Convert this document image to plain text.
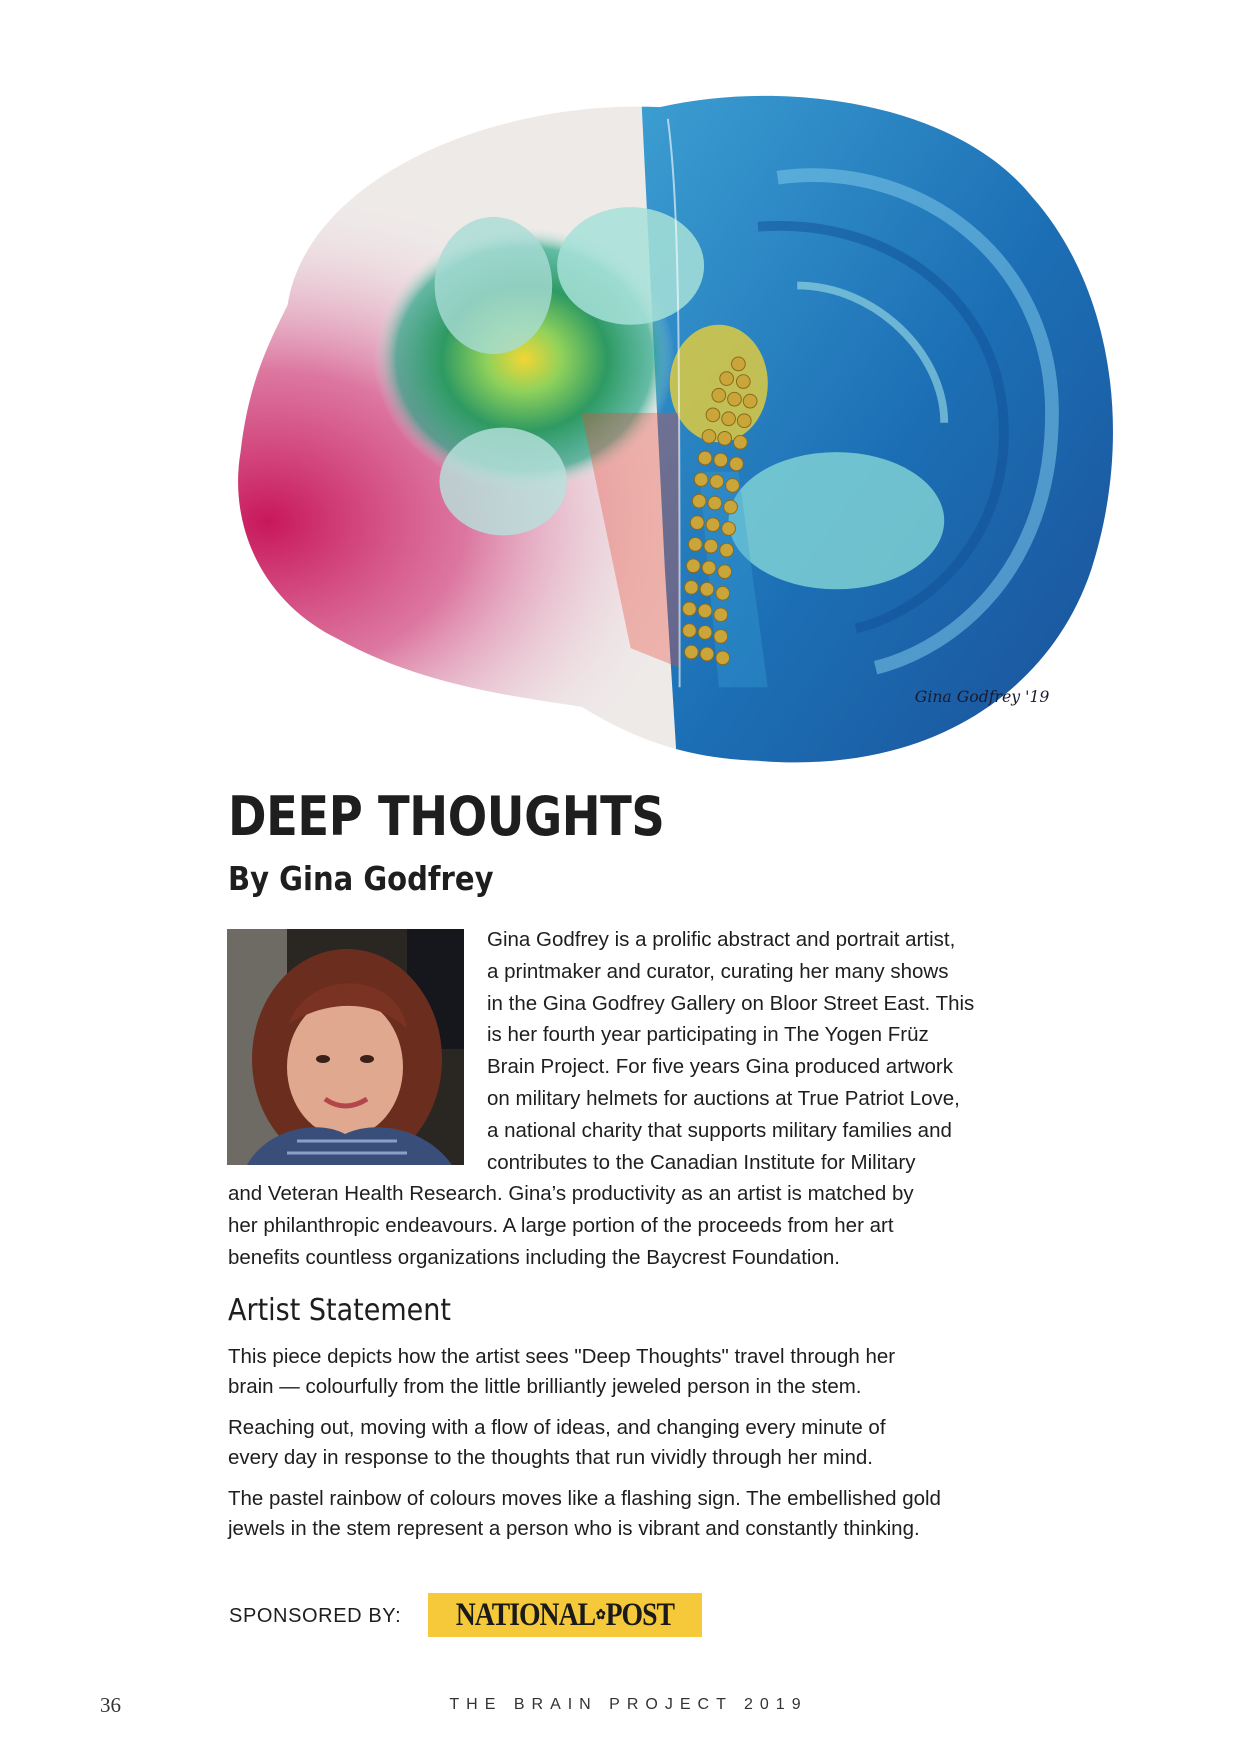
Gina Godfrey '19
DEEP THOUGHTS
By Gina Godfrey
Gina Godfrey is a prolific abstract and portrait artist,
a printmaker and curator, curating her many shows
in the Gina Godfrey Gallery on Bloor Street East. This
is her fourth year participating in The Yogen Früz
Brain Project. For five years Gina produced artwork
on military helmets for auctions at True Patriot Love,
a national charity that supports military families and
contributes to the Canadian Institute for Military
and Veteran Health Research. Gina’s productivity as an artist is matched by
her philanthropic endeavours. A large portion of the proceeds from her art
benefits countless organizations including the Baycrest Foundation.
Artist Statement

This piece depicts how the artist sees "Deep Thoughts" travel through her
brain — colourfully from the little brilliantly jeweled person in the stem.

Reaching out, moving with a flow of ideas, and changing every minute of
every day in response to the thoughts that run vividly through her mind.

The pastel rainbow of colours moves like a flashing sign. The embellished gold
jewels in the stem represent a person who is vibrant and constantly thinking.

SPONSORED BY: NATIONAL✿POST
36	THE BRAIN PROJECT 2019
